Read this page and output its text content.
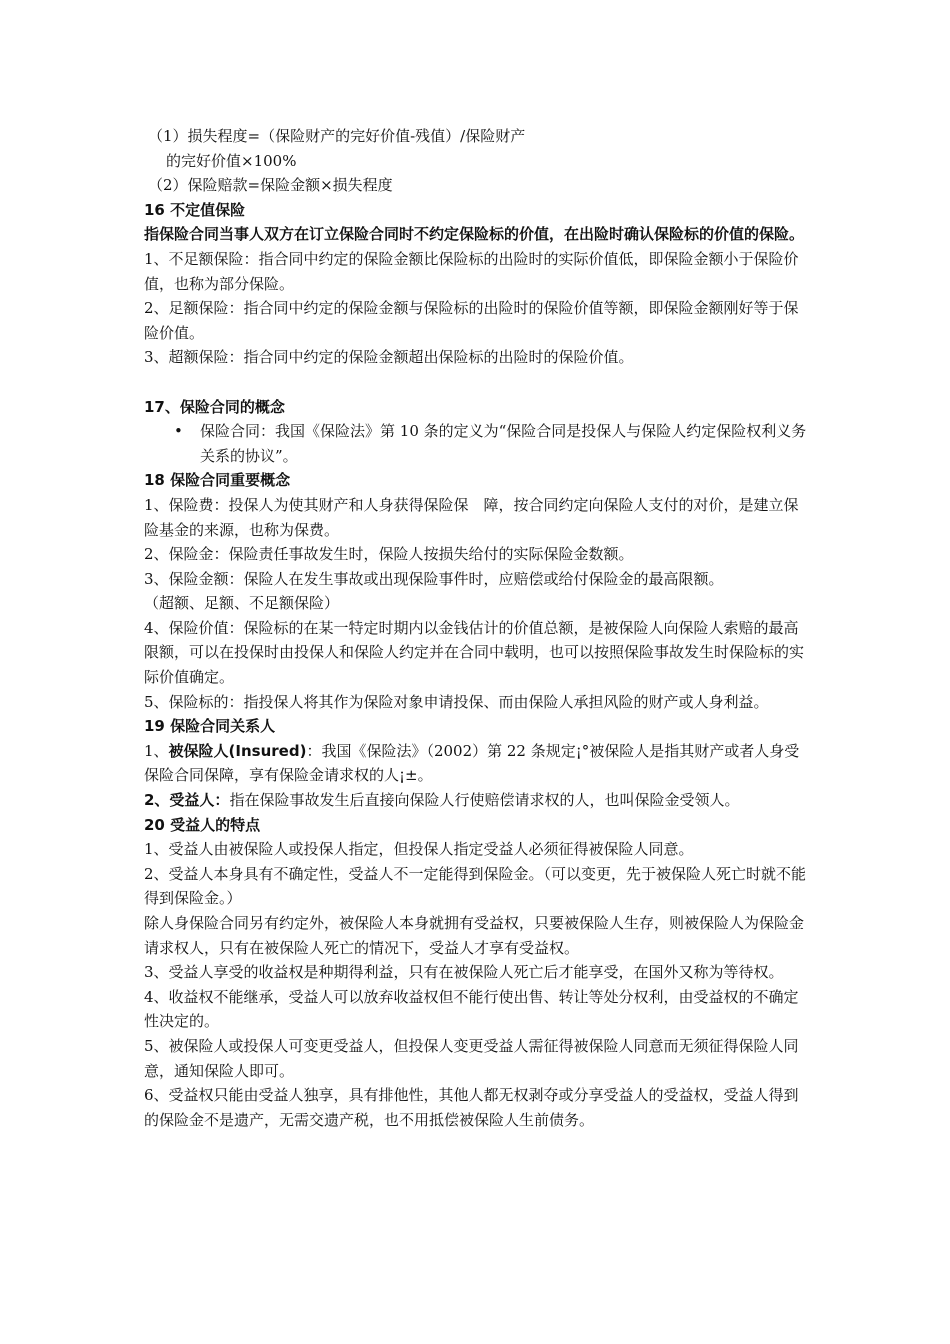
（1）损失程度=（保险财产的完好价值-残值）/保险财产

的完好价值×100%

（2）保险赔款=保险金额×损失程度

16 不定值保险

指保险合同当事人双方在订立保险合同时不约定保险标的价值，在出险时确认保险标的价值的保险。

1、不足额保险：指合同中约定的保险金额比保险标的出险时的实际价值低，即保险金额小于保险价值，也称为部分保险。

2、足额保险：指合同中约定的保险金额与保险标的出险时的保险价值等额，即保险金额刚好等于保险价值。

3、超额保险：指合同中约定的保险金额超出保险标的出险时的保险价值。

17、保险合同的概念

•	保险合同：我国《保险法》第 10 条的定义为“保险合同是投保人与保险人约定保险权利义务关系的协议”。

18 保险合同重要概念

1、保险费：投保人为使其财产和人身获得保险保　障，按合同约定向保险人支付的对价，是建立保险基金的来源，也称为保费。

2、保险金：保险责任事故发生时，保险人按损失给付的实际保险金数额。

3、保险金额：保险人在发生事故或出现保险事件时，应赔偿或给付保险金的最高限额。

（超额、足额、不足额保险）

4、保险价值：保险标的在某一特定时期内以金钱估计的价值总额，是被保险人向保险人索赔的最高限额，可以在投保时由投保人和保险人约定并在合同中载明，也可以按照保险事故发生时保险标的实际价值确定。

5、保险标的：指投保人将其作为保险对象申请投保、而由保险人承担风险的财产或人身利益。

19 保险合同关系人

1、被保险人(Insured)：我国《保险法》（2002）第 22 条规定¡°被保险人是指其财产或者人身受保险合同保障，享有保险金请求权的人¡±。

2、受益人：指在保险事故发生后直接向保险人行使赔偿请求权的人，也叫保险金受领人。

20 受益人的特点

1、受益人由被保险人或投保人指定，但投保人指定受益人必须征得被保险人同意。

2、受益人本身具有不确定性，受益人不一定能得到保险金。（可以变更，先于被保险人死亡时就不能得到保险金。）

除人身保险合同另有约定外，被保险人本身就拥有受益权，只要被保险人生存，则被保险人为保险金请求权人，只有在被保险人死亡的情况下，受益人才享有受益权。

3、受益人享受的收益权是种期得利益，只有在被保险人死亡后才能享受，在国外又称为等待权。

4、收益权不能继承，受益人可以放弃收益权但不能行使出售、转让等处分权利，由受益权的不确定性决定的。

5、被保险人或投保人可变更受益人，但投保人变更受益人需征得被保险人同意而无须征得保险人同意，通知保险人即可。

6、受益权只能由受益人独享，具有排他性，其他人都无权剥夺或分享受益人的受益权，受益人得到的保险金不是遗产，无需交遗产税，也不用抵偿被保险人生前债务。
